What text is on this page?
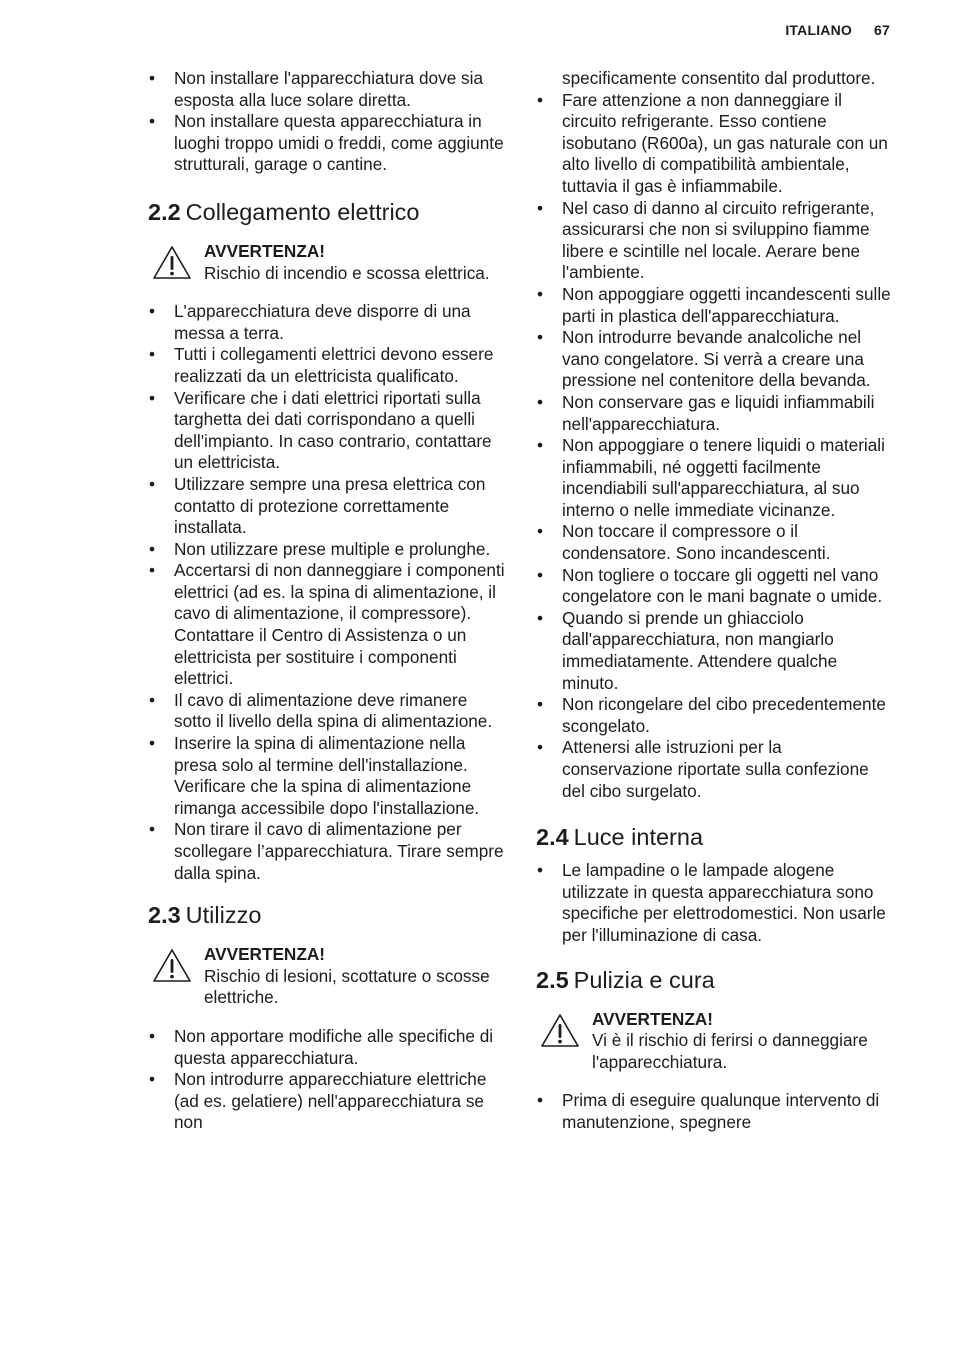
ITALIANO 67
• Non installare l'apparecchiatura dove sia esposta alla luce solare diretta.
• Non installare questa apparecchiatura in luoghi troppo umidi o freddi, come aggiunte strutturali, garage o cantine.
2.2 Collegamento elettrico
AVVERTENZA!
Rischio di incendio e scossa elettrica.
• L'apparecchiatura deve disporre di una messa a terra.
• Tutti i collegamenti elettrici devono essere realizzati da un elettricista qualificato.
• Verificare che i dati elettrici riportati sulla targhetta dei dati corrispondano a quelli dell'impianto. In caso contrario, contattare un elettricista.
• Utilizzare sempre una presa elettrica con contatto di protezione correttamente installata.
• Non utilizzare prese multiple e prolunghe.
• Accertarsi di non danneggiare i componenti elettrici (ad es. la spina di alimentazione, il cavo di alimentazione, il compressore). Contattare il Centro di Assistenza o un elettricista per sostituire i componenti elettrici.
• Il cavo di alimentazione deve rimanere sotto il livello della spina di alimentazione.
• Inserire la spina di alimentazione nella presa solo al termine dell'installazione. Verificare che la spina di alimentazione rimanga accessibile dopo l'installazione.
• Non tirare il cavo di alimentazione per scollegare l’apparecchiatura. Tirare sempre dalla spina.
2.3 Utilizzo
AVVERTENZA!
Rischio di lesioni, scottature o scosse elettriche.
• Non apportare modifiche alle specifiche di questa apparecchiatura.
• Non introdurre apparecchiature elettriche (ad es. gelatiere) nell'apparecchiatura se non
specificamente consentito dal produttore.
• Fare attenzione a non danneggiare il circuito refrigerante. Esso contiene isobutano (R600a), un gas naturale con un alto livello di compatibilità ambientale, tuttavia il gas è infiammabile.
• Nel caso di danno al circuito refrigerante, assicurarsi che non si sviluppino fiamme libere e scintille nel locale. Aerare bene l'ambiente.
• Non appoggiare oggetti incandescenti sulle parti in plastica dell'apparecchiatura.
• Non introdurre bevande analcoliche nel vano congelatore. Si verrà a creare una pressione nel contenitore della bevanda.
• Non conservare gas e liquidi infiammabili nell'apparecchiatura.
• Non appoggiare o tenere liquidi o materiali infiammabili, né oggetti facilmente incendiabili sull'apparecchiatura, al suo interno o nelle immediate vicinanze.
• Non toccare il compressore o il condensatore. Sono incandescenti.
• Non togliere o toccare gli oggetti nel vano congelatore con le mani bagnate o umide.
• Quando si prende un ghiacciolo dall'apparecchiatura, non mangiarlo immediatamente. Attendere qualche minuto.
• Non ricongelare del cibo precedentemente scongelato.
• Attenersi alle istruzioni per la conservazione riportate sulla confezione del cibo surgelato.
2.4 Luce interna
• Le lampadine o le lampade alogene utilizzate in questa apparecchiatura sono specifiche per elettrodomestici. Non usarle per l'illuminazione di casa.
2.5 Pulizia e cura
AVVERTENZA!
Vi è il rischio di ferirsi o danneggiare l'apparecchiatura.
• Prima di eseguire qualunque intervento di manutenzione, spegnere
